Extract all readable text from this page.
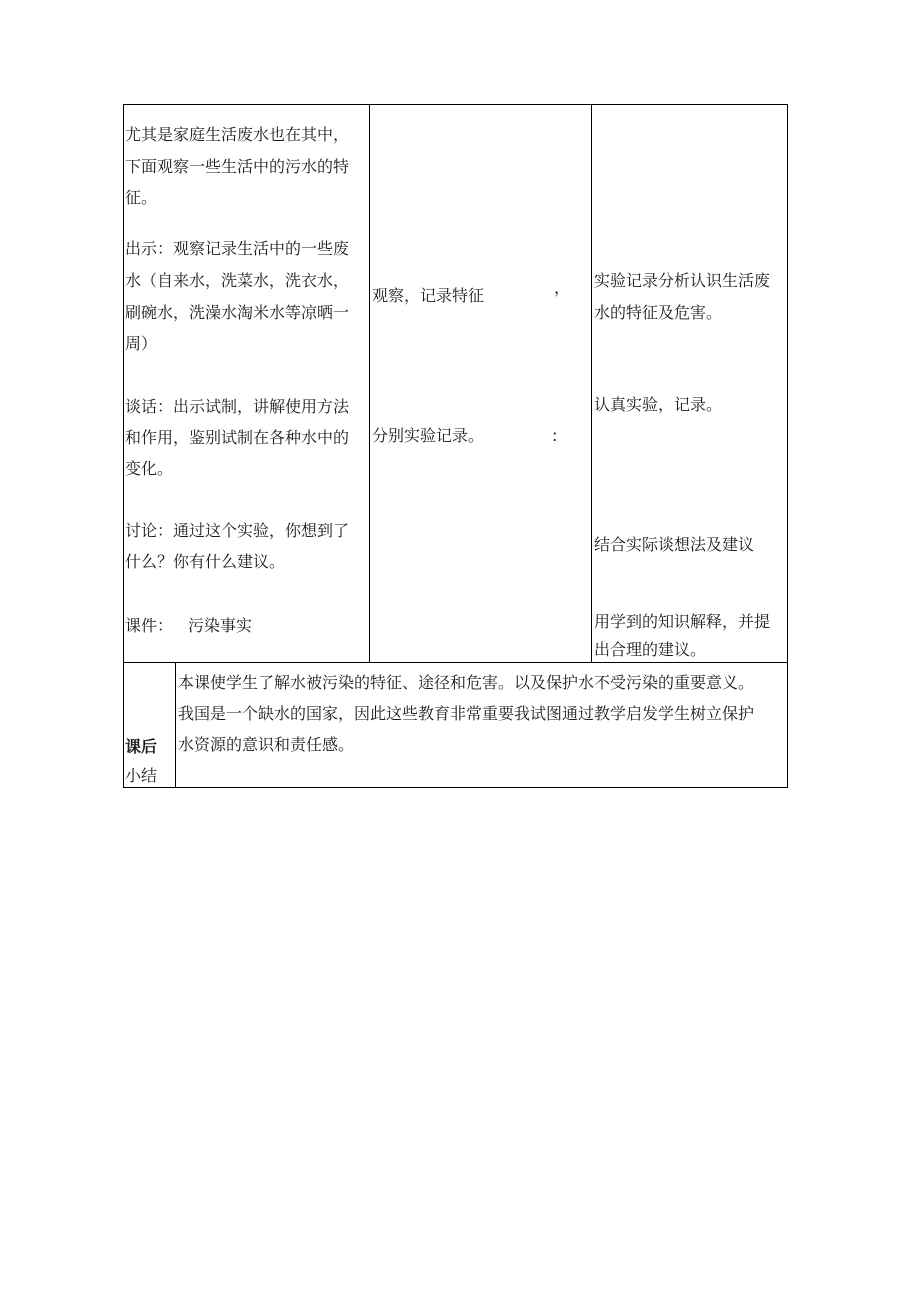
尤其是家庭生活废水也在其中，
下面观察一些生活中的污水的特
征。
出示：观察记录生活中的一些废
水（自来水，洗菜水，洗衣水，
刷碗水，洗澡水淘米水等凉晒一
周）
谈话：出示试制，讲解使用方法
和作用，鉴别试制在各种水中的
变化。
讨论：通过这个实验，你想到了
什么？你有什么建议。
课件： 污染事实
观察，记录特征	，
分别实验记录。	:
实验记录分析认识生活废
水的特征及危害。
认真实验，记录。
结合实际谈想法及建议
用学到的知识解释，并提
出合理的建议。
课后
小结
本课使学生了解水被污染的特征、途径和危害。以及保护水不受污染的重要意义。
我国是一个缺水的国家，因此这些教育非常重要我试图通过教学启发学生树立保护
水资源的意识和责任感。
